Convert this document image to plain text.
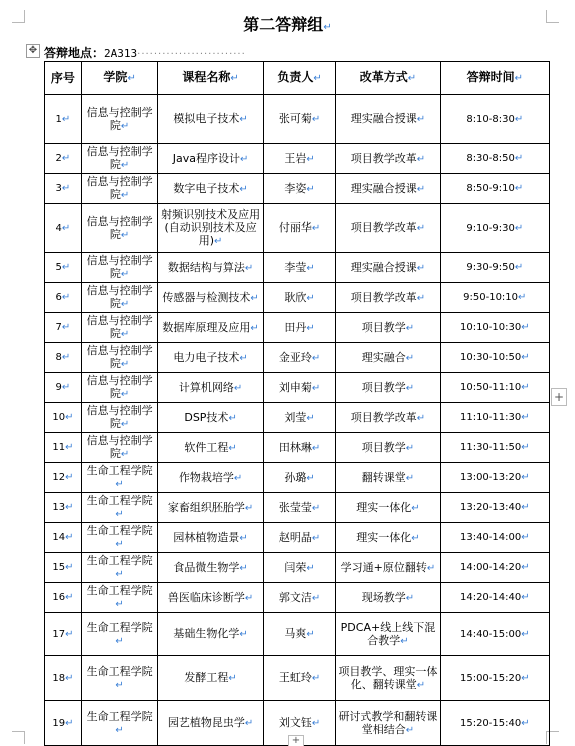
第二答辩组↵
✥ 答辩地点：2A313··························
序号	学院↵	课程名称↵	负责人↵	改革方式↵	答辩时间↵
1↵	信息与控制学院↵	模拟电子技术↵	张可菊↵	理实融合授课↵	8:10-8:30↵
2↵	信息与控制学院↵	Java程序设计↵	王岩↵	项目教学改革↵	8:30-8:50↵
3↵	信息与控制学院↵	数字电子技术↵	李姿↵	理实融合授课↵	8:50-9:10↵
4↵	信息与控制学院↵	射频识别技术及应用(自动识别技术及应用)↵	付丽华↵	项目教学改革↵	9:10-9:30↵
5↵	信息与控制学院↵	数据结构与算法↵	李莹↵	理实融合授课↵	9:30-9:50↵
6↵	信息与控制学院↵	传感器与检测技术↵	耿欣↵	项目教学改革↵	9:50-10:10↵
7↵	信息与控制学院↵	数据库原理及应用↵	田丹↵	项目教学↵	10:10-10:30↵
8↵	信息与控制学院↵	电力电子技术↵	金亚玲↵	理实融合↵	10:30-10:50↵
9↵	信息与控制学院↵	计算机网络↵	刘申菊↵	项目教学↵	10:50-11:10↵
10↵	信息与控制学院↵	DSP技术↵	刘莹↵	项目教学改革↵	11:10-11:30↵
11↵	信息与控制学院↵	软件工程↵	田林琳↵	项目教学↵	11:30-11:50↵
12↵	生命工程学院↵	作物栽培学↵	孙璐↵	翻转课堂↵	13:00-13:20↵
13↵	生命工程学院↵	家畜组织胚胎学↵	张莹莹↵	理实一体化↵	13:20-13:40↵
14↵	生命工程学院↵	园林植物造景↵	赵明晶↵	理实一体化↵	13:40-14:00↵
15↵	生命工程学院↵	食品微生物学↵	闫荣↵	学习通+原位翻转↵	14:00-14:20↵
16↵	生命工程学院↵	兽医临床诊断学↵	郭文洁↵	现场教学↵	14:20-14:40↵
17↵	生命工程学院↵	基础生物化学↵	马爽↵	PDCA+线上线下混合教学↵	14:40-15:00↵
18↵	生命工程学院↵	发酵工程↵	王虹玲↵	项目教学、理实一体化、翻转课堂↵	15:00-15:20↵
19↵	生命工程学院↵	园艺植物昆虫学↵	刘文钰↵	研讨式教学和翻转课堂相结合↵	15:20-15:40↵
+
+
